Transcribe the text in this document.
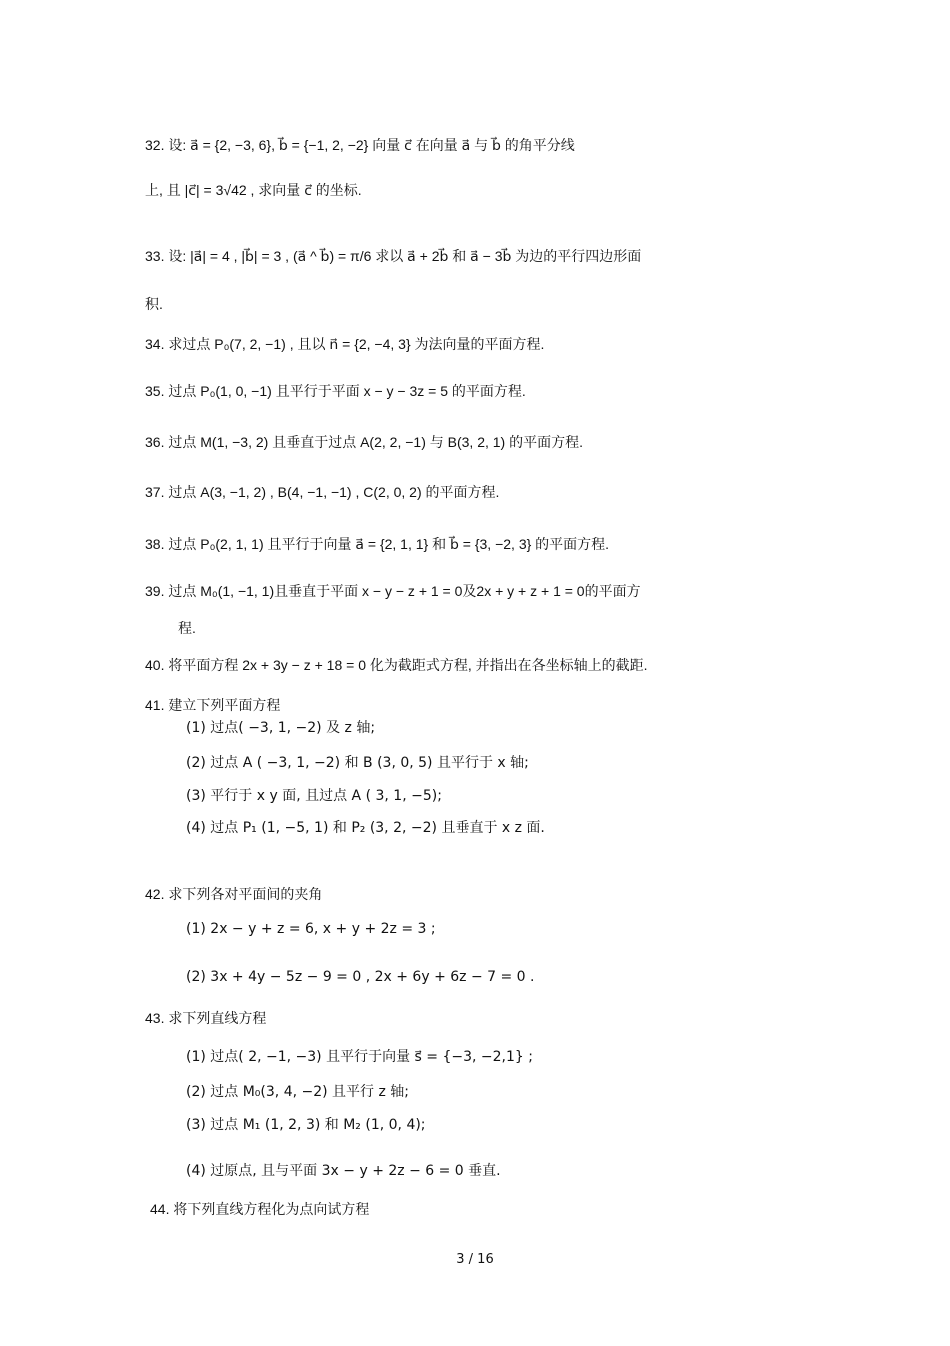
32. 设: a⃗ = {2, −3, 6}, b⃗ = {−1, 2, −2} 向量 c⃗ 在向量 a⃗ 与 b⃗ 的角平分线
上, 且 |c⃗| = 3√42 , 求向量 c⃗ 的坐标.
33. 设: |a⃗| = 4 , |b⃗| = 3 , (a⃗ ^ b⃗) = π/6 求以 a⃗ + 2b⃗ 和 a⃗ − 3b⃗ 为边的平行四边形面
积.
34. 求过点 P₀(7, 2, −1) , 且以 n⃗ = {2, −4, 3} 为法向量的平面方程.
35. 过点 P₀(1, 0, −1) 且平行于平面 x − y − 3z = 5 的平面方程.
36. 过点 M(1, −3, 2) 且垂直于过点 A(2, 2, −1) 与 B(3, 2, 1) 的平面方程.
37. 过点 A(3, −1, 2) , B(4, −1, −1) , C(2, 0, 2) 的平面方程.
38. 过点 P₀(2, 1, 1) 且平行于向量 a⃗ = {2, 1, 1} 和 b⃗ = {3, −2, 3} 的平面方程.
39. 过点 M₀(1, −1, 1)且垂直于平面 x − y − z + 1 = 0及2x + y + z + 1 = 0的平面方
程.
40. 将平面方程 2x + 3y − z + 18 = 0 化为截距式方程, 并指出在各坐标轴上的截距.
41. 建立下列平面方程
(1) 过点( −3, 1, −2) 及 z 轴;
(2) 过点 A ( −3, 1, −2) 和 B (3, 0, 5) 且平行于 x 轴;
(3) 平行于 x y 面, 且过点 A ( 3, 1, −5);
(4) 过点 P₁ (1, −5, 1) 和 P₂ (3, 2, −2) 且垂直于 x z 面.
42. 求下列各对平面间的夹角
(1) 2x − y + z = 6, x + y + 2z = 3 ;
(2) 3x + 4y − 5z − 9 = 0 , 2x + 6y + 6z − 7 = 0 .
43. 求下列直线方程
(1) 过点( 2, −1, −3) 且平行于向量 s⃗ = {−3, −2,1} ;
(2) 过点 M₀(3, 4, −2) 且平行 z 轴;
(3) 过点 M₁ (1, 2, 3) 和 M₂ (1, 0, 4);
(4) 过原点, 且与平面 3x − y + 2z − 6 = 0 垂直.
44. 将下列直线方程化为点向试方程
3 / 16
